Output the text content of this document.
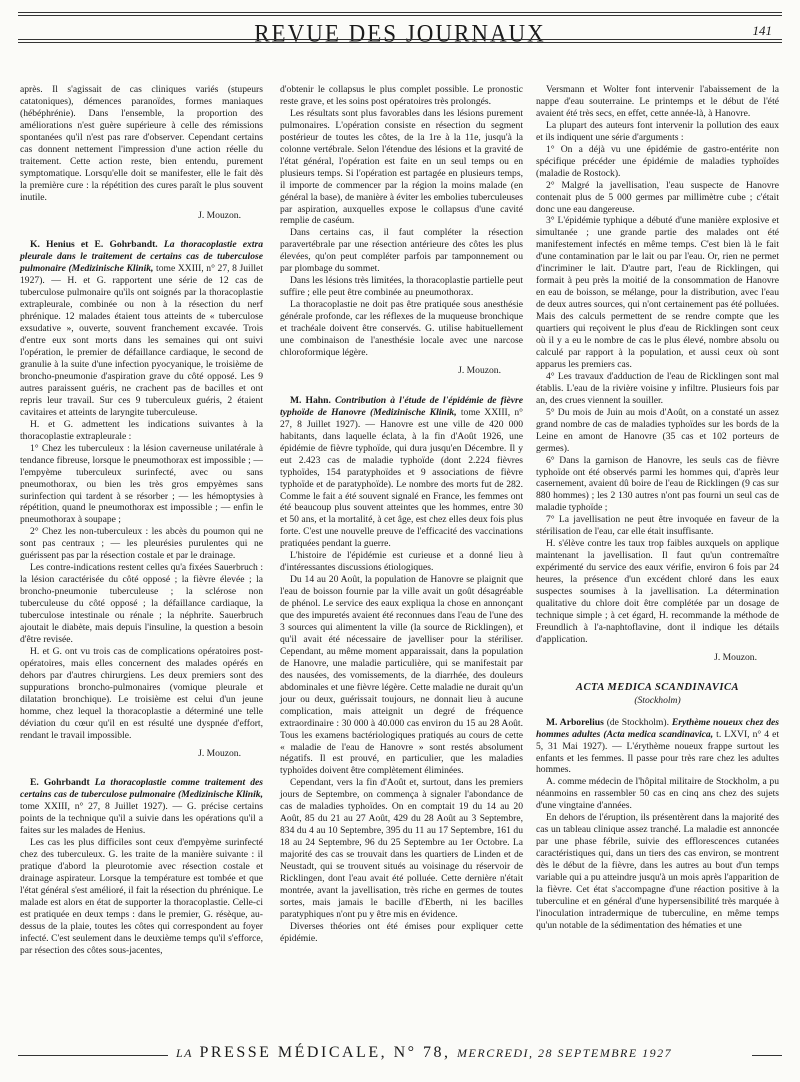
REVUE DES JOURNAUX	141

après. Il s'agissait de cas cliniques variés (stupeurs catatoniques), démences paranoïdes, formes maniaques (hébéphrénie). Dans l'ensemble, la proportion des améliorations n'est guère supérieure à celle des rémissions spontanées qu'il n'est pas rare d'observer. Cependant certains cas donnent nettement l'impression d'une action réelle du traitement. Cette action reste, bien entendu, purement symptomatique. Lorsqu'elle doit se manifester, elle le fait dès la première cure : la répétition des cures paraît le plus souvent inutile.

J. Mouzon.

K. Henius et E. Gohrbandt. La thoracoplastie extra pleurale dans le traitement de certains cas de tuberculose pulmonaire (Medizinische Klinik, tome XXIII, n° 27, 8 Juillet 1927). — H. et G. rapportent une série de 12 cas de tuberculose pulmonaire qu'ils ont soignés par la thoracoplastie extrapleurale, combinée ou non à la résection du nerf phrénique. 12 malades étaient tous atteints de « tuberculose exsudative », ouverte, souvent franchement excavée. Trois d'entre eux sont morts dans les semaines qui ont suivi l'opération, le premier de défaillance cardiaque, le second de granulie à la suite d'une infection pyocyanique, le troisième de broncho-pneumonie d'aspiration grave du côté opposé. Les 9 autres paraissent guéris, ne crachent pas de bacilles et ont repris leur travail. Sur ces 9 tuberculeux guéris, 2 étaient cavitaires et atteints de laryngite tuberculeuse.

H. et G. admettent les indications suivantes à la thoracoplastie extrapleurale :

1° Chez les tuberculeux : la lésion caverneuse unilatérale à tendance fibreuse, lorsque le pneumothorax est impossible ; — l'empyème tuberculeux surinfecté, avec ou sans pneumothorax, ou bien les très gros empyèmes sans surinfection qui tardent à se résorber ; — les hémoptysies à répétition, quand le pneumothorax est impossible ; — enfin le pneumothorax à soupape ;

2° Chez les non-tuberculeux : les abcès du poumon qui ne sont pas centraux ; — les pleurésies purulentes qui ne guérissent pas par la résection costale et par le drainage.

Les contre-indications restent celles qu'a fixées Sauerbruch : la lésion caractérisée du côté opposé ; la fièvre élevée ; la broncho-pneumonie tuberculeuse ; la sclérose non tuberculeuse du côté opposé ; la défaillance cardiaque, la tuberculose intestinale ou rénale ; la néphrite. Sauerbruch ajoutait le diabète, mais depuis l'insuline, la question a besoin d'être revisée.

H. et G. ont vu trois cas de complications opératoires post-opératoires, mais elles concernent des malades opérés en dehors par d'autres chirurgiens. Les deux premiers sont des suppurations broncho-pulmonaires (vomique pleurale et dilatation bronchique). Le troisième est celui d'un jeune homme, chez lequel la thoracoplastie a déterminé une telle déviation du cœur qu'il en est résulté une dyspnée d'effort, rendant le travail impossible.

J. Mouzon.

E. Gohrbandt La thoracoplastie comme traitement des certains cas de tuberculose pulmonaire (Medizinische Klinik, tome XXIII, n° 27, 8 Juillet 1927). — G. précise certains points de la technique qu'il a suivie dans les opérations qu'il a faites sur les malades de Henius.

Les cas les plus difficiles sont ceux d'empyème surinfecté chez des tuberculeux. G. les traite de la manière suivante : il pratique d'abord la pleurotomie avec résection costale et drainage aspirateur. Lorsque la température est tombée et que l'état général s'est amélioré, il fait la résection du phrénique. Le malade est alors en état de supporter la thoracoplastie. Celle-ci est pratiquée en deux temps : dans le premier, G. résèque, au-dessus de la plaie, toutes les côtes qui correspondent au foyer infecté. C'est seulement dans le deuxième temps qu'il s'efforce, par résection des côtes sous-jacentes,

d'obtenir le collapsus le plus complet possible. Le pronostic reste grave, et les soins post opératoires très prolongés.

Les résultats sont plus favorables dans les lésions purement pulmonaires. L'opération consiste en résection du segment postérieur de toutes les côtes, de la 1re à la 11e, jusqu'à la colonne vertébrale. Selon l'étendue des lésions et la gravité de l'état général, l'opération est faite en un seul temps ou en plusieurs temps. Si l'opération est partagée en plusieurs temps, il importe de commencer par la région la moins malade (en général la base), de manière à éviter les embolies tuberculeuses par aspiration, auxquelles expose le collapsus d'une cavité remplie de caséum.

Dans certains cas, il faut compléter la résection paravertébrale par une résection antérieure des côtes les plus élevées, qu'on peut compléter parfois par tamponnement ou par plombage du sommet.

Dans les lésions très limitées, la thoracoplastie partielle peut suffire ; elle peut être combinée au pneumothorax.

La thoracoplastie ne doit pas être pratiquée sous anesthésie générale profonde, car les réflexes de la muqueuse bronchique et trachéale doivent être conservés. G. utilise habituellement une combinaison de l'anesthésie locale avec une narcose chloroformique légère.

J. Mouzon.

M. Hahn. Contribution à l'étude de l'épidémie de fièvre typhoïde de Hanovre (Medizinische Klinik, tome XXIII, n° 27, 8 Juillet 1927). — Hanovre est une ville de 420 000 habitants, dans laquelle éclata, à la fin d'Août 1926, une épidémie de fièvre typhoïde, qui dura jusqu'en Décembre. Il y eut 2.423 cas de maladie typhoïde (dont 2.224 fièvres typhoïdes, 154 paratyphoïdes et 9 associations de fièvre typhoïde et de paratyphoïde). Le nombre des morts fut de 282. Comme le fait a été souvent signalé en France, les femmes ont été beaucoup plus souvent atteintes que les hommes, entre 30 et 50 ans, et la mortalité, à cet âge, est chez elles deux fois plus forte. C'est une nouvelle preuve de l'efficacité des vaccinations pratiquées pendant la guerre.

L'histoire de l'épidémie est curieuse et a donné lieu à d'intéressantes discussions étiologiques.

Du 14 au 20 Août, la population de Hanovre se plaignit que l'eau de boisson fournie par la ville avait un goût désagréable de phénol. Le service des eaux expliqua la chose en annonçant que des impuretés avaient été reconnues dans l'eau de l'une des 3 sources qui alimentent la ville (la source de Ricklingen), et qu'il avait été nécessaire de javelliser pour la stériliser. Cependant, au même moment apparaissait, dans la population de Hanovre, une maladie particulière, qui se manifestait par des nausées, des vomissements, de la diarrhée, des douleurs abdominales et une fièvre légère. Cette maladie ne durait qu'un jour ou deux, guérissait toujours, ne donnait lieu à aucune complication, mais atteignit un degré de fréquence extraordinaire : 30 000 à 40.000 cas environ du 15 au 28 Août. Tous les examens bactériologiques pratiqués au cours de cette « maladie de l'eau de Hanovre » sont restés absolument négatifs. Il est prouvé, en particulier, que les maladies typhoïdes doivent être complètement éliminées.

Cependant, vers la fin d'Août et, surtout, dans les premiers jours de Septembre, on commença à signaler l'abondance de cas de maladies typhoïdes. On en comptait 19 du 14 au 20 Août, 85 du 21 au 27 Août, 429 du 28 Août au 3 Septembre, 834 du 4 au 10 Septembre, 395 du 11 au 17 Septembre, 161 du 18 au 24 Septembre, 96 du 25 Septembre au 1er Octobre. La majorité des cas se trouvait dans les quartiers de Linden et de Neustadt, qui se trouvent situés au voisinage du réservoir de Ricklingen, dont l'eau avait été polluée. Cette dernière n'était montrée, avant la javellisation, très riche en germes de toutes sortes, mais jamais le bacille d'Eberth, ni les bacilles paratyphiques n'ont pu y être mis en évidence.

Diverses théories ont été émises pour expliquer cette épidémie.

Versmann et Wolter font intervenir l'abaissement de la nappe d'eau souterraine. Le printemps et le début de l'été avaient été très secs, en effet, cette année-là, à Hanovre.

La plupart des auteurs font intervenir la pollution des eaux et ils indiquent une série d'arguments :

1° On a déjà vu une épidémie de gastro-entérite non spécifique précéder une épidémie de maladies typhoïdes (maladie de Rostock).

2° Malgré la javellisation, l'eau suspecte de Hanovre contenait plus de 5 000 germes par millimètre cube ; c'était donc une eau dangereuse.

3° L'épidémie typhique a débuté d'une manière explosive et simultanée ; une grande partie des malades ont été manifestement infectés en même temps. C'est bien là le fait d'une contamination par le lait ou par l'eau. Or, rien ne permet d'incriminer le lait. D'autre part, l'eau de Ricklingen, qui formait à peu près la moitié de la consommation de Hanovre en eau de boisson, se mélange, pour la distribution, avec l'eau de deux autres sources, qui n'ont certainement pas été polluées. Mais des calculs permettent de se rendre compte que les quartiers qui reçoivent le plus d'eau de Ricklingen sont ceux où il y a eu le nombre de cas le plus élevé, nombre absolu ou calculé par rapport à la population, et aussi ceux où sont apparus les premiers cas.

4° Les travaux d'adduction de l'eau de Ricklingen sont mal établis. L'eau de la rivière voisine y infiltre. Plusieurs fois par an, des crues viennent la souiller.

5° Du mois de Juin au mois d'Août, on a constaté un assez grand nombre de cas de maladies typhoïdes sur les bords de la Leine en amont de Hanovre (35 cas et 102 porteurs de germes).

6° Dans la garnison de Hanovre, les seuls cas de fièvre typhoïde ont été observés parmi les hommes qui, d'après leur casernement, avaient dû boire de l'eau de Ricklingen (9 cas sur 880 hommes) ; les 2 130 autres n'ont pas fourni un seul cas de maladie typhoïde ;

7° La javellisation ne peut être invoquée en faveur de la stérilisation de l'eau, car elle était insuffisante.

H. s'élève contre les taux trop faibles auxquels on applique maintenant la javellisation. Il faut qu'un contremaître expérimenté du service des eaux vérifie, environ 6 fois par 24 heures, la présence d'un excédent chloré dans les eaux suspectes soumises à la javellisation. La détermination qualitative du chlore doit être complétée par un dosage de technique simple ; à cet égard, H. recommande la méthode de Freundlich à l'a-naphtoflavine, dont il indique les détails d'application.

J. Mouzon.
ACTA MEDICA SCANDINAVICA
(Stockholm)

M. Arborelius (de Stockholm). Erythème noueux chez des hommes adultes (Acta medica scandinavica, t. LXVI, n° 4 et 5, 31 Mai 1927). — L'érythème noueux frappe surtout les enfants et les femmes. Il passe pour très rare chez les adultes hommes.

A. comme médecin de l'hôpital militaire de Stockholm, a pu néanmoins en rassembler 50 cas en cinq ans chez des sujets d'une vingtaine d'années.

En dehors de l'éruption, ils présentèrent dans la majorité des cas un tableau clinique assez tranché. La maladie est annoncée par une phase fébrile, suivie des efflorescences cutanées caractéristiques qui, dans un tiers des cas environ, se montrent dès le début de la fièvre, dans les autres au bout d'un temps variable qui a pu atteindre jusqu'à un mois après l'apparition de la fièvre. Cet état s'accompagne d'une réaction positive à la tuberculine et en général d'une hypersensibilité très marquée à l'inoculation intradermique de tuberculine, en même temps qu'un notable de la sédimentation des hématies et une

LA PRESSE MÉDICALE, N° 78, MERCREDI, 28 SEPTEMBRE 1927
